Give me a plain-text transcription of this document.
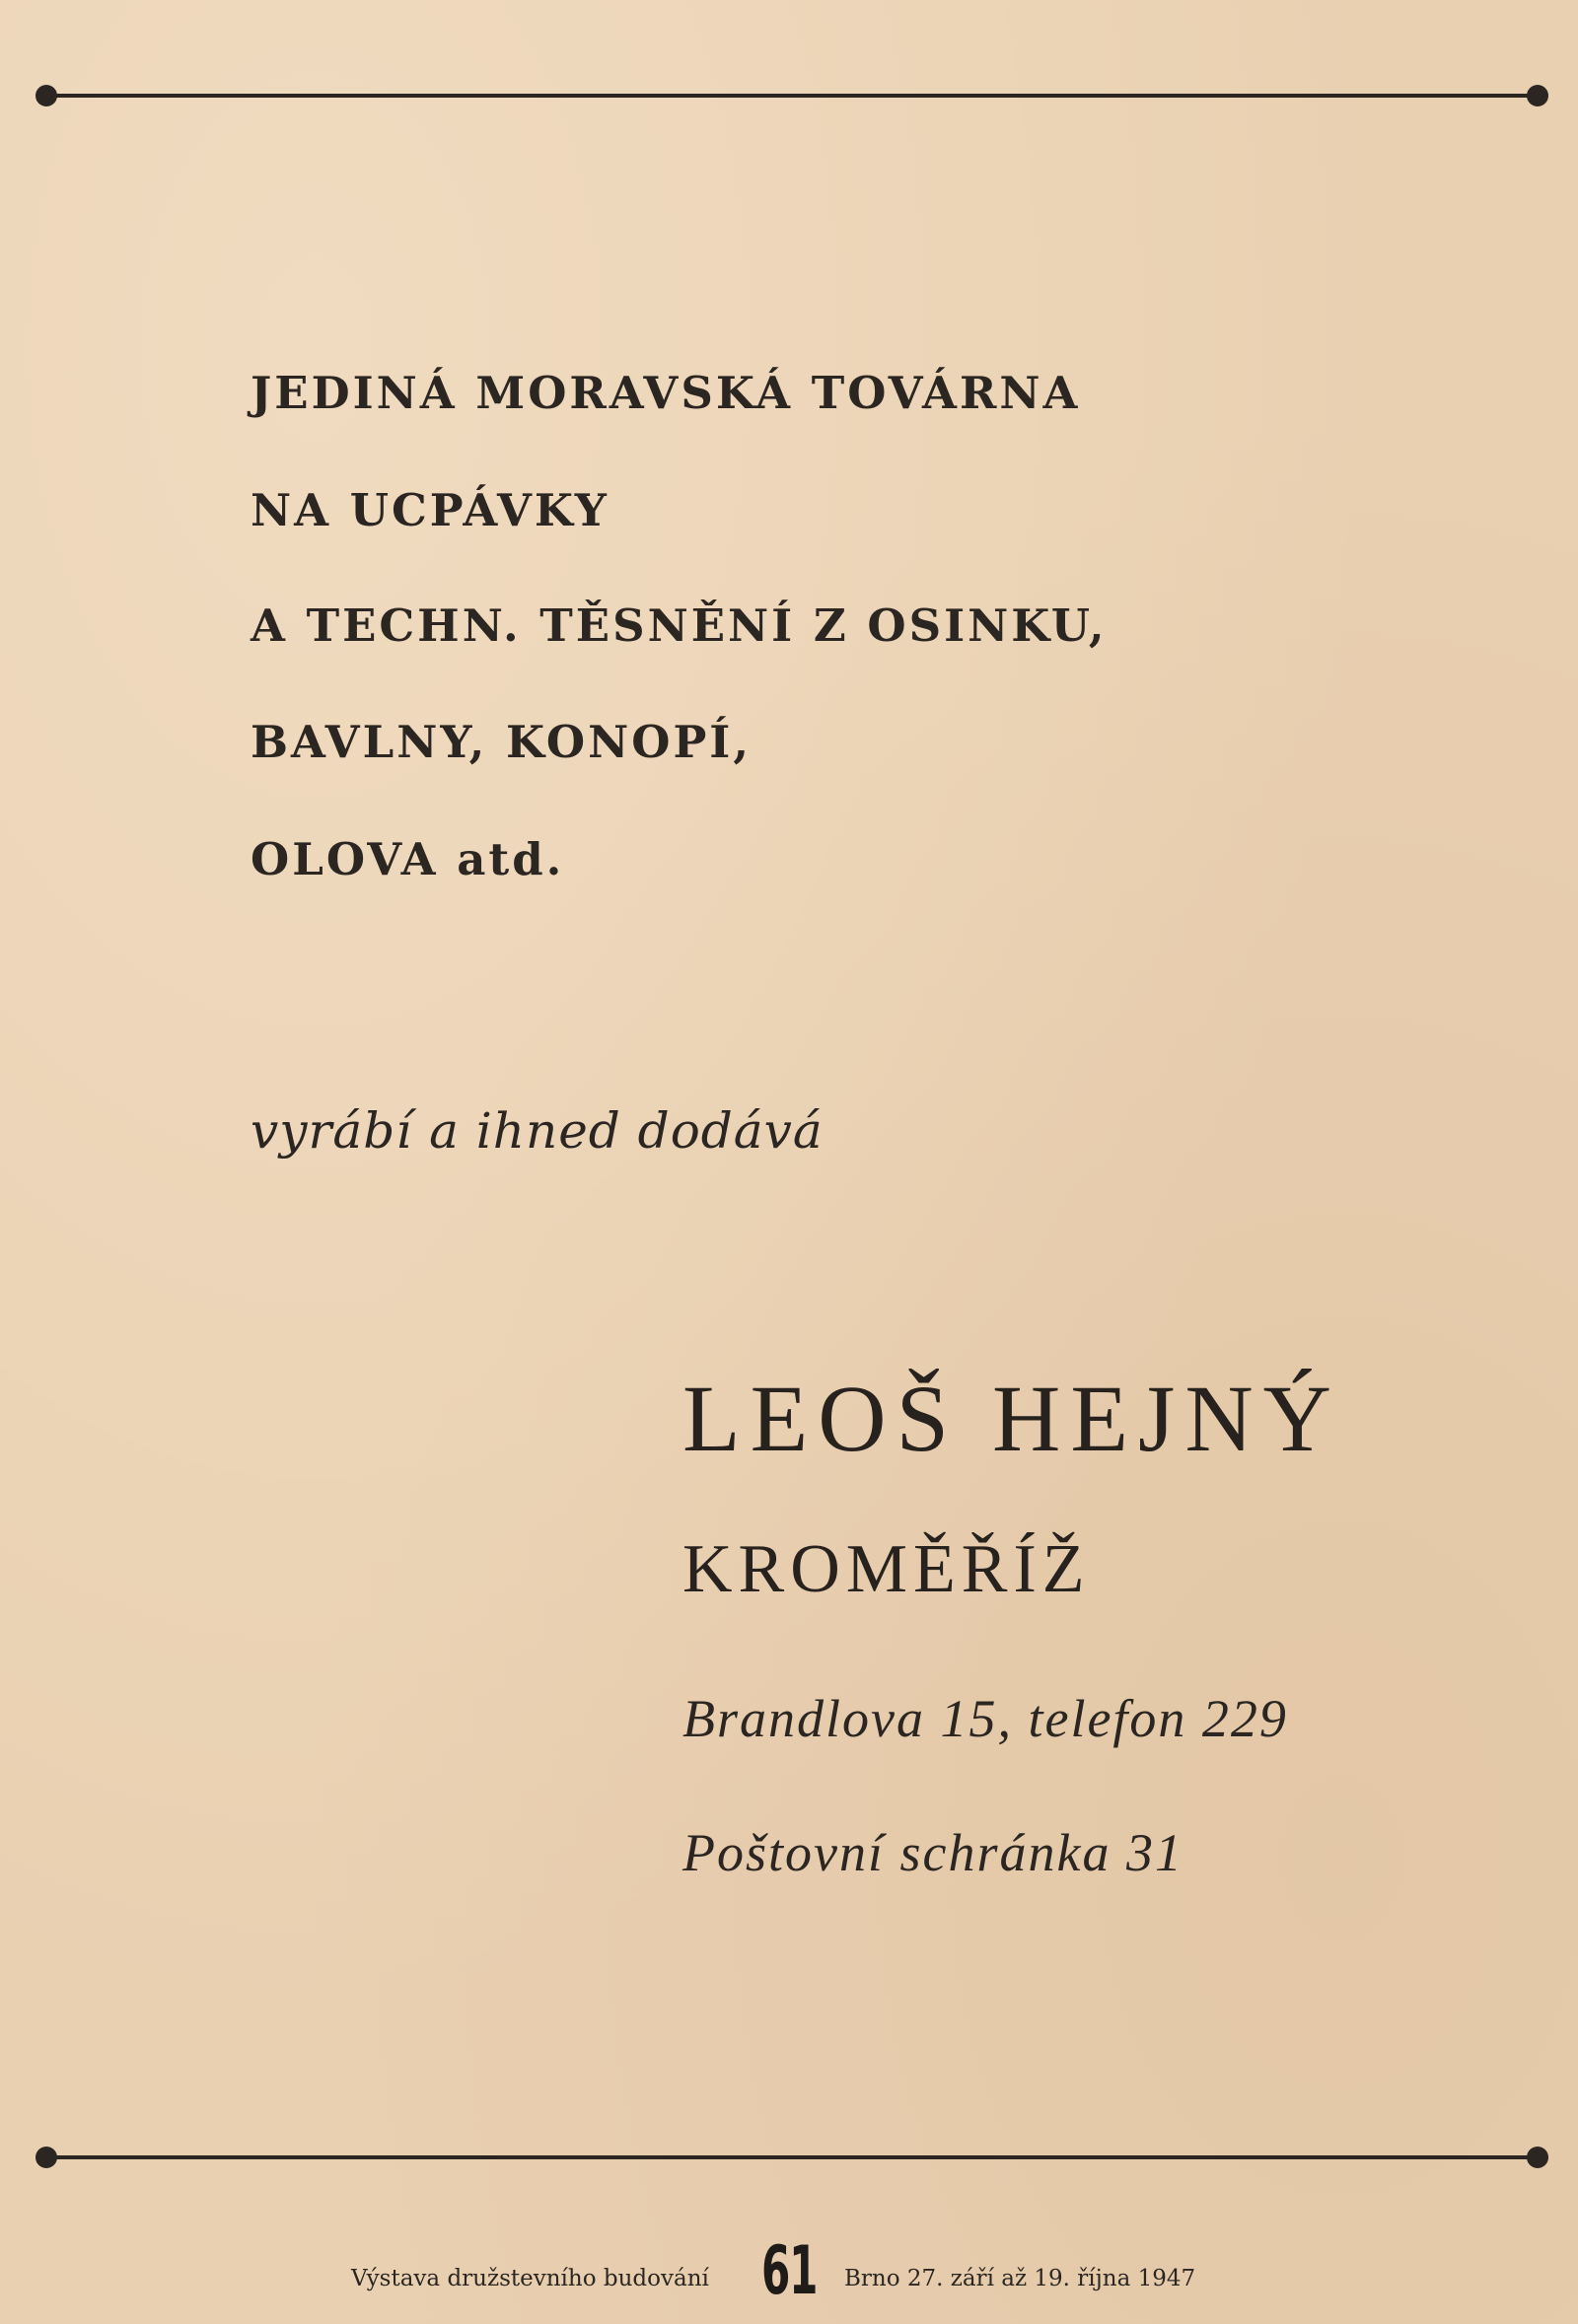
JEDINÁ MORAVSKÁ TOVÁRNA
NA UCPÁVKY
A TECHN. TĚSNĚNÍ Z OSINKU,
BAVLNY, KONOPÍ,
OLOVA atd.
vyrábí a ihned dodává
LEOŠ HEJNÝ
KROMĚŘÍŽ
Brandlova 15, telefon 229
Poštovní schránka 31
Výstava družstevního budování 61 Brno 27. září až 19. října 1947
